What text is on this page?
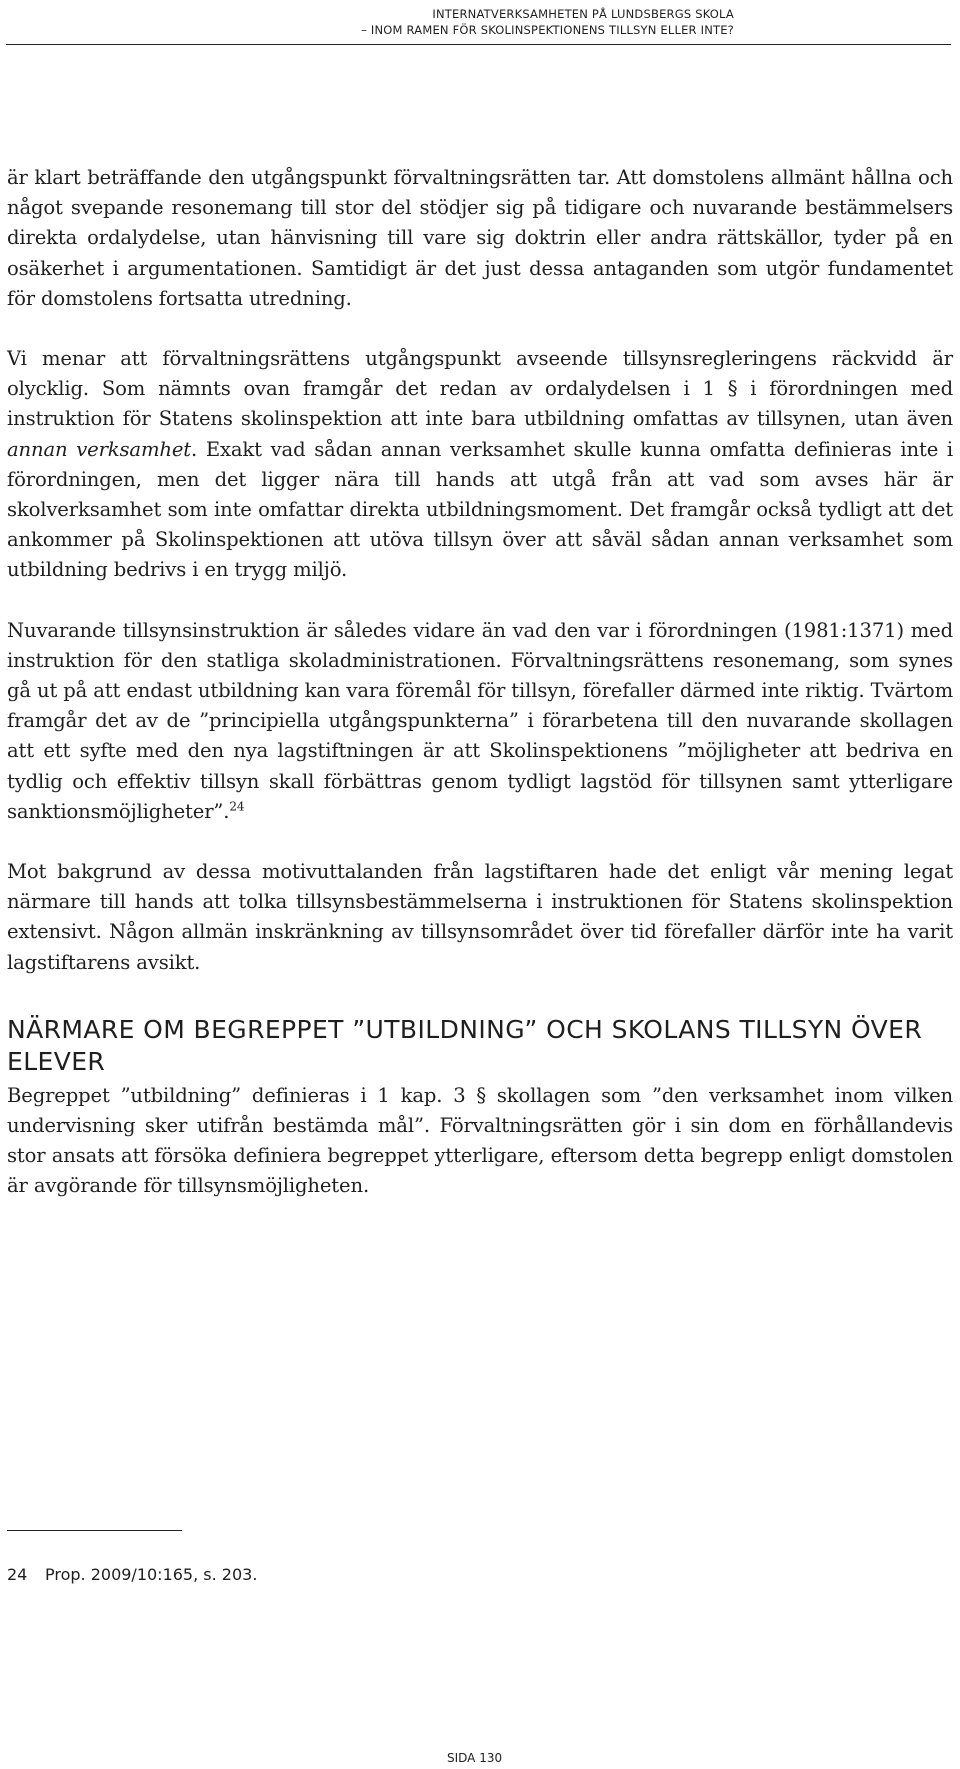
INTERNATVERKSAMHETEN PÅ LUNDSBERGS SKOLA
– INOM RAMEN FÖR SKOLINSPEKTIONENS TILLSYN ELLER INTE?

är klart beträffande den utgångspunkt förvaltningsrätten tar. Att domstolens allmänt hållna och något svepande resonemang till stor del stödjer sig på tidigare och nuvarande bestämmelsers direkta ordalydelse, utan hänvisning till vare sig doktrin eller andra rättskällor, tyder på en osäkerhet i argumentationen. Samtidigt är det just dessa antaganden som utgör fundamentet för domstolens fortsatta utredning.

Vi menar att förvaltningsrättens utgångspunkt avseende tillsynsregleringens räckvidd är olycklig. Som nämnts ovan framgår det redan av ordalydelsen i 1 § i förordningen med instruktion för Statens skolinspektion att inte bara utbildning omfattas av tillsynen, utan även annan verksamhet. Exakt vad sådan annan verksamhet skulle kunna omfatta definieras inte i förordningen, men det ligger nära till hands att utgå från att vad som avses här är skolverksamhet som inte omfattar direkta utbildningsmoment. Det framgår också tydligt att det ankommer på Skolinspektionen att utöva tillsyn över att såväl sådan annan verksamhet som utbildning bedrivs i en trygg miljö.

Nuvarande tillsynsinstruktion är således vidare än vad den var i förordningen (1981:1371) med instruktion för den statliga skoladministrationen. Förvaltningsrättens resonemang, som synes gå ut på att endast utbildning kan vara föremål för tillsyn, förefaller därmed inte riktig. Tvärtom framgår det av de ”principiella utgångspunkterna” i förarbetena till den nuvarande skollagen att ett syfte med den nya lagstiftningen är att Skolinspektionens ”möjligheter att bedriva en tydlig och effektiv tillsyn skall förbättras genom tydligt lagstöd för tillsynen samt ytterligare sanktionsmöjligheter”.$^{24}$

Mot bakgrund av dessa motivuttalanden från lagstiftaren hade det enligt vår mening legat närmare till hands att tolka tillsynsbestämmelserna i instruktionen för Statens skolinspektion extensivt. Någon allmän inskränkning av tillsynsområdet över tid förefaller därför inte ha varit lagstiftarens avsikt.

NÄRMARE OM BEGREPPET ”UTBILDNING” OCH SKOLANS TILLSYN ÖVER ELEVER

Begreppet ”utbildning” definieras i 1 kap. 3 § skollagen som ”den verksamhet inom vilken undervisning sker utifrån bestämda mål”. Förvaltningsrätten gör i sin dom en förhållandevis stor ansats att försöka definiera begreppet ytterligare, eftersom detta begrepp enligt domstolen är avgörande för tillsynsmöjligheten.

24 Prop. 2009/10:165, s. 203.
SIDA 130
